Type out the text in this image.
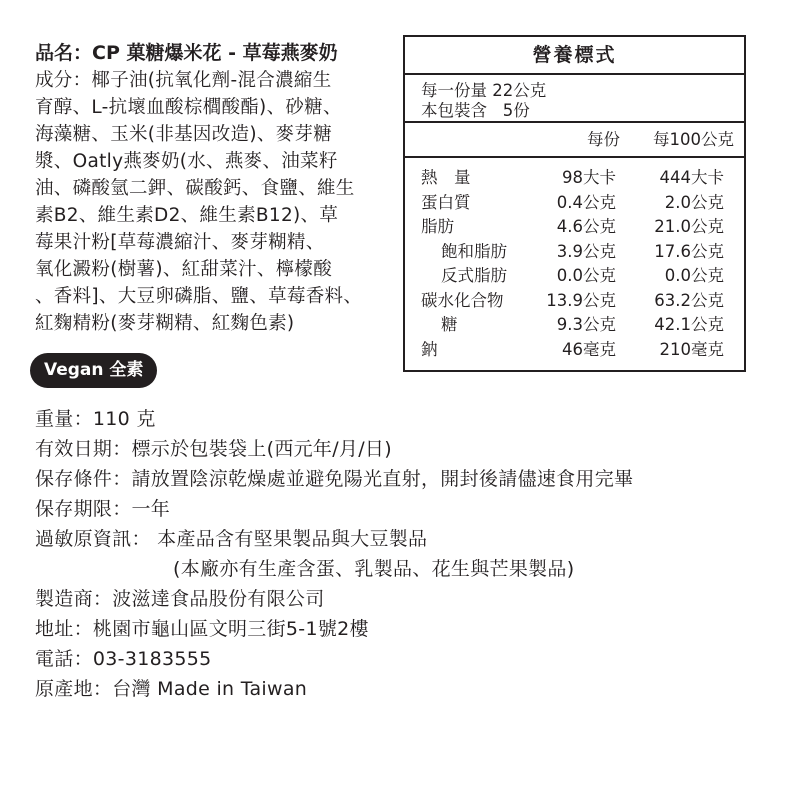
品名：CP 菓糖爆米花 - 草莓燕麥奶

成分：椰子油(抗氧化劑-混合濃縮生

育醇、L-抗壞血酸棕櫚酸酯)、砂糖、

海藻糖、玉米(非基因改造)、麥芽糖

漿、Oatly燕麥奶(水、燕麥、油菜籽

油、磷酸氫二鉀、碳酸鈣、食鹽、維生

素B2、維生素D2、維生素B12)、草

莓果汁粉[草莓濃縮汁、麥芽糊精、

氧化澱粉(樹薯)、紅甜菜汁、檸檬酸

、香料]、大豆卵磷脂、鹽、草莓香料、

紅麴精粉(麥芽糊精、紅麴色素)

Vegan 全素
營養標式
每一份量 22公克
本包裝含   5份
每份 每100公克
熱　量	98大卡	444大卡
蛋白質	0.4公克	2.0公克
脂肪	4.6公克 21.0公克
飽和脂肪	3.9公克 17.6公克
反式脂肪	0.0公克	0.0公克
碳水化合物	13.9公克 63.2公克
糖	9.3公克 42.1公克
鈉	46毫克	210毫克

重量：110 克

有效日期：標示於包裝袋上(西元年/月/日)

保存條件：請放置陰涼乾燥處並避免陽光直射，開封後請儘速食用完畢

保存期限：一年

過敏原資訊： 本產品含有堅果製品與大豆製品

(本廠亦有生產含蛋、乳製品、花生與芒果製品)

製造商：波滋達食品股份有限公司

地址：桃園市龜山區文明三街5-1號2樓

電話：03-3183555

原產地：台灣 Made in Taiwan
